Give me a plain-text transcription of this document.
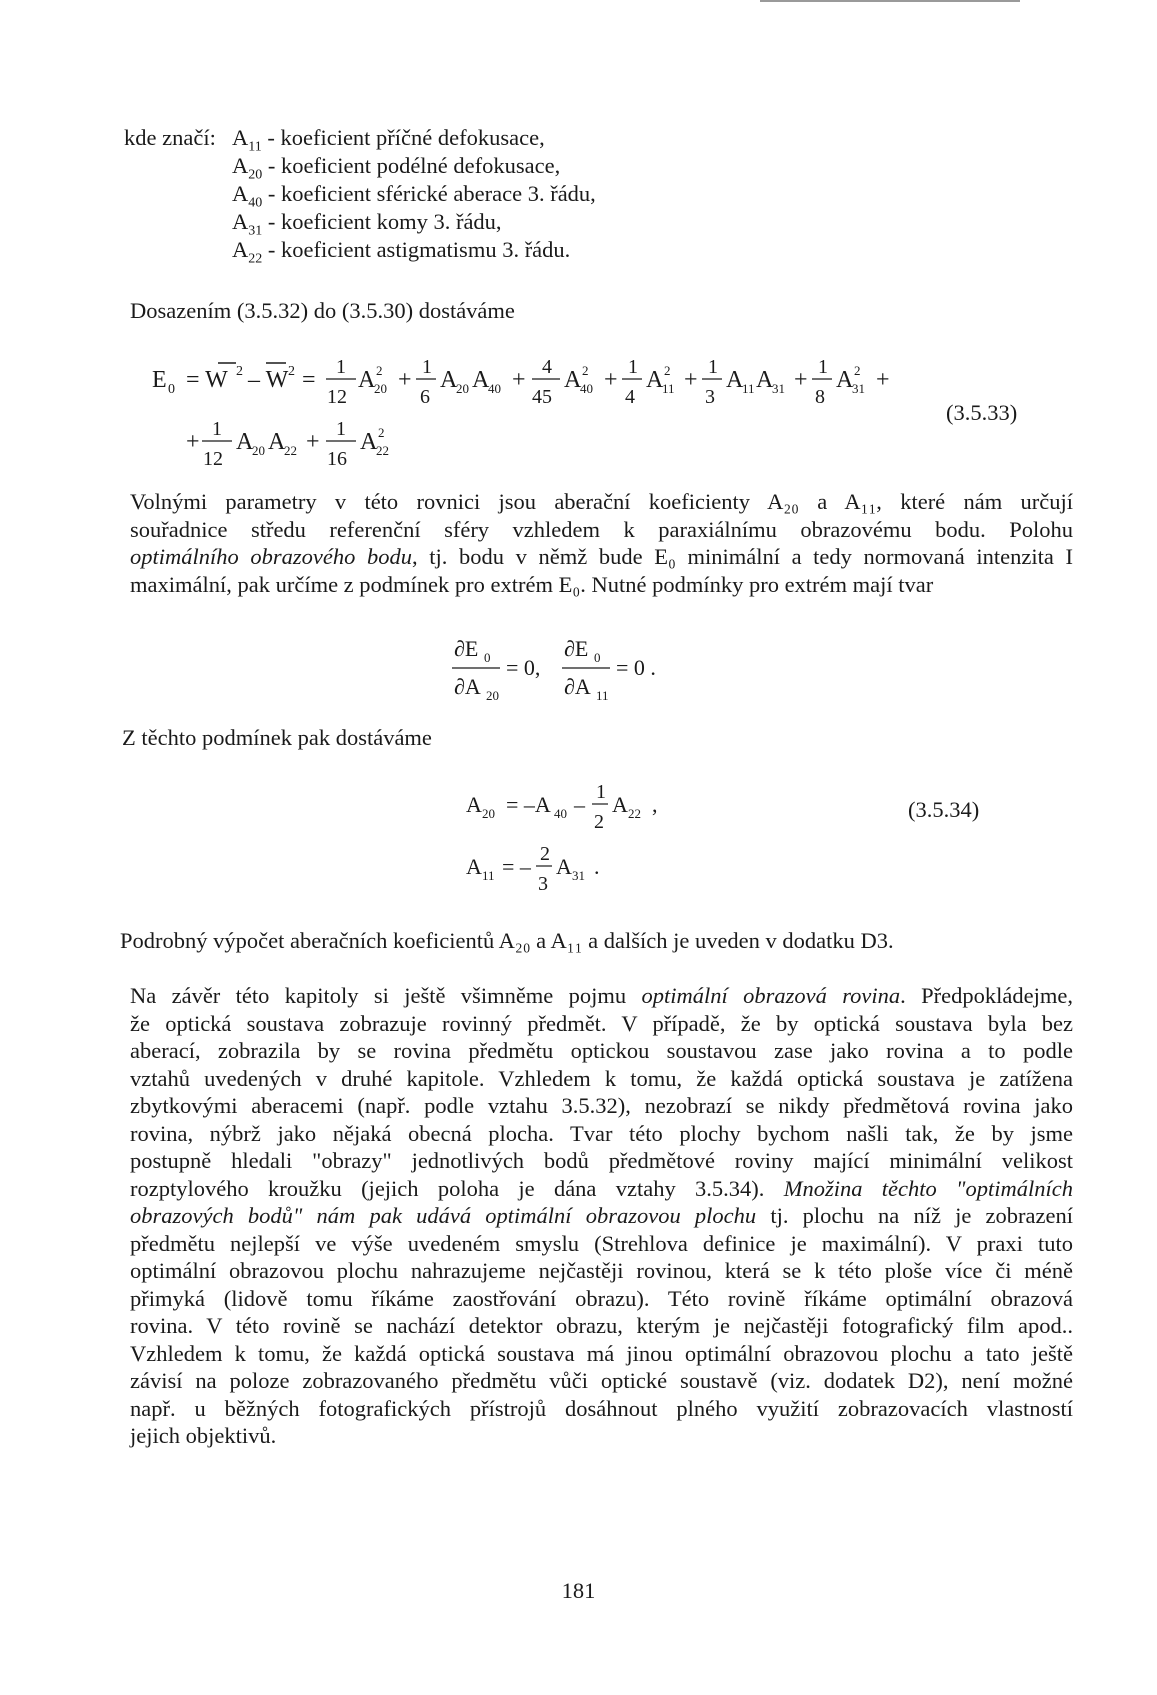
kde značí: $A_{11}$ - koeficient příčné defokusace,
$A_{20}$ - koeficient podélné defokusace,
$A_{40}$ - koeficient sférické aberace 3. řádu,
$A_{31}$ - koeficient komy 3. řádu,
$A_{22}$ - koeficient astigmatismu 3. řádu.
Dosazením (3.5.32) do (3.5.30) dostáváme
E 0 = W 2 – W 2 = 1
12
A 2
20 + 1
6
A
20 A
40 + 4
45
A 2
40 + 1
4
A 2
11 + 1
3
A
11 A
31 + 1
8
A 2
31 +
+ 1
12
A
20 A
22 + 1
16
A 2
22
(3.5.33)
Volnými parametry v této rovnici jsou aberační koeficienty A₂₀ a A₁₁, které nám určují
souřadnice středu referenční sféry vzhledem k paraxiálnímu obrazovému bodu. Polohu
optimálního obrazového bodu, tj. bodu v němž bude E₀ minimální a tedy normovaná intenzita I
maximální, pak určíme z podmínek pro extrém E₀. Nutné podmínky pro extrém mají tvar
∂E 0
∂A 20
= 0,
∂E 0
∂A 11
= 0 .
Z těchto podmínek pak dostáváme
A 20 = –A 40 – 1
2
A 22 ,
A 11 = – 2
3
A 31 .
(3.5.34)
Podrobný výpočet aberačních koeficientů A₂₀ a A₁₁ a dalších je uveden v dodatku D3.
Na závěr této kapitoly si ještě všimněme pojmu optimální obrazová rovina. Předpokládejme,
že optická soustava zobrazuje rovinný předmět. V případě, že by optická soustava byla bez
aberací, zobrazila by se rovina předmětu optickou soustavou zase jako rovina a to podle
vztahů uvedených v druhé kapitole. Vzhledem k tomu, že každá optická soustava je zatížena
zbytkovými aberacemi (např. podle vztahu 3.5.32), nezobrazí se nikdy předmětová rovina jako
rovina, nýbrž jako nějaká obecná plocha. Tvar této plochy bychom našli tak, že by jsme
postupně hledali "obrazy" jednotlivých bodů předmětové roviny mající minimální velikost
rozptylového kroužku (jejich poloha je dána vztahy 3.5.34). Množina těchto "optimálních
obrazových bodů" nám pak udává optimální obrazovou plochu tj. plochu na níž je zobrazení
předmětu nejlepší ve výše uvedeném smyslu (Strehlova definice je maximální). V praxi tuto
optimální obrazovou plochu nahrazujeme nejčastěji rovinou, která se k této ploše více či méně
přimyká (lidově tomu říkáme zaostřování obrazu). Této rovině říkáme optimální obrazová
rovina. V této rovině se nachází detektor obrazu, kterým je nejčastěji fotografický film apod..
Vzhledem k tomu, že každá optická soustava má jinou optimální obrazovou plochu a tato ještě
závisí na poloze zobrazovaného předmětu vůči optické soustavě (viz. dodatek D2), není možné
např. u běžných fotografických přístrojů dosáhnout plného využití zobrazovacích vlastností
jejich objektivů.
181
